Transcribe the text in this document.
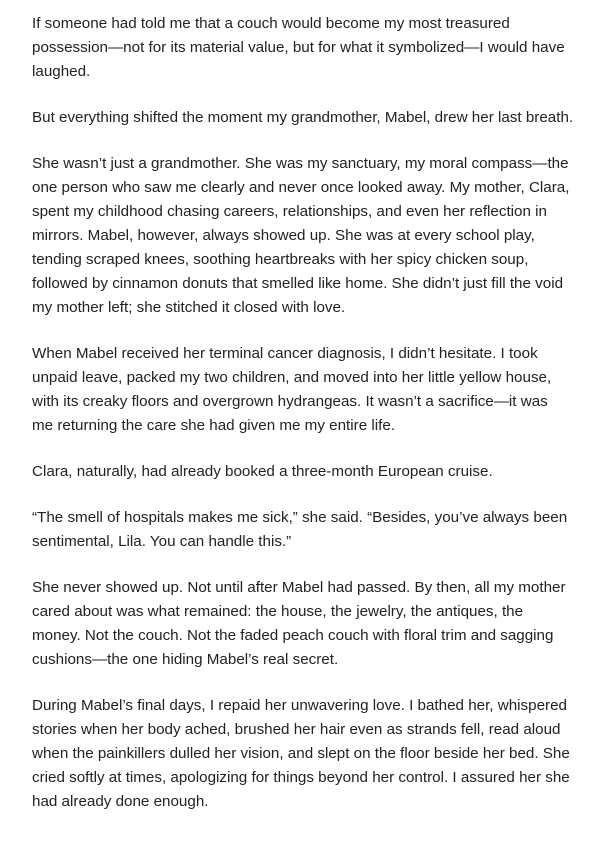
If someone had told me that a couch would become my most treasured
possession—not for its material value, but for what it symbolized—I would have
laughed.

But everything shifted the moment my grandmother, Mabel, drew her last breath.

She wasn’t just a grandmother. She was my sanctuary, my moral compass—the
one person who saw me clearly and never once looked away. My mother, Clara,
spent my childhood chasing careers, relationships, and even her reflection in
mirrors. Mabel, however, always showed up. She was at every school play,
tending scraped knees, soothing heartbreaks with her spicy chicken soup,
followed by cinnamon donuts that smelled like home. She didn’t just fill the void
my mother left; she stitched it closed with love.

When Mabel received her terminal cancer diagnosis, I didn’t hesitate. I took
unpaid leave, packed my two children, and moved into her little yellow house,
with its creaky floors and overgrown hydrangeas. It wasn’t a sacrifice—it was
me returning the care she had given me my entire life.

Clara, naturally, had already booked a three-month European cruise.

“The smell of hospitals makes me sick,” she said. “Besides, you’ve always been
sentimental, Lila. You can handle this.”

She never showed up. Not until after Mabel had passed. By then, all my mother
cared about was what remained: the house, the jewelry, the antiques, the
money. Not the couch. Not the faded peach couch with floral trim and sagging
cushions—the one hiding Mabel’s real secret.

During Mabel’s final days, I repaid her unwavering love. I bathed her, whispered
stories when her body ached, brushed her hair even as strands fell, read aloud
when the painkillers dulled her vision, and slept on the floor beside her bed. She
cried softly at times, apologizing for things beyond her control. I assured her she
had already done enough.
